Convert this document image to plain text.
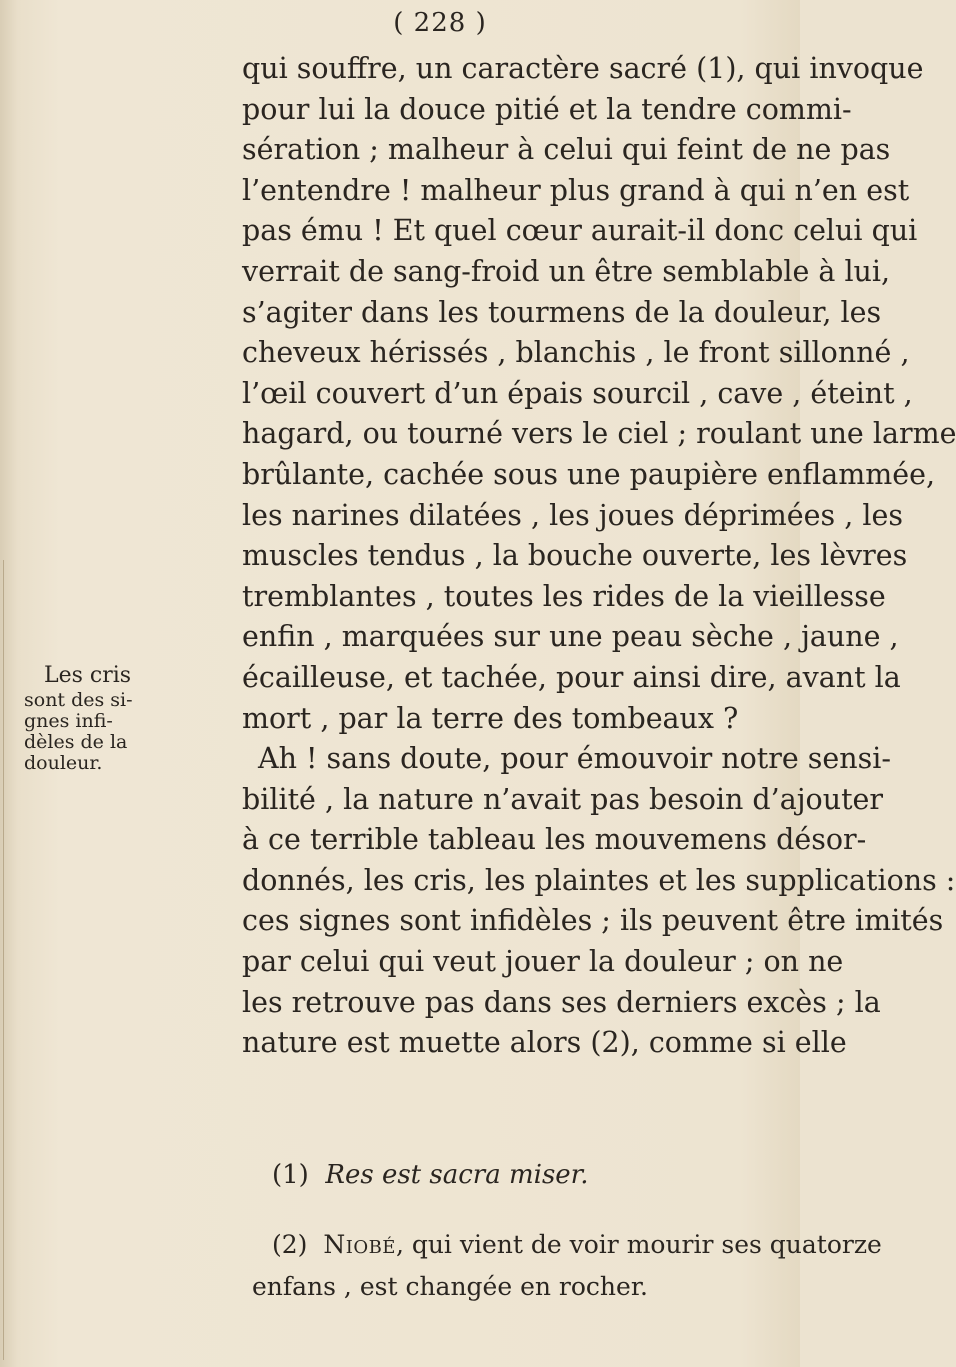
( 228 )
qui souffre, un caractère sacré (1), qui invoque
pour lui la douce pitié et la tendre commi-
sération ; malheur à celui qui feint de ne pas
l’entendre ! malheur plus grand à qui n’en est
pas ému ! Et quel cœur aurait-il donc celui qui
verrait de sang-froid un être semblable à lui,
s’agiter dans les tourmens de la douleur, les
cheveux hérissés , blanchis , le front sillonné ,
l’œil couvert d’un épais sourcil , cave , éteint ,
hagard, ou tourné vers le ciel ; roulant une larme
brûlante, cachée sous une paupière enflammée,
les narines dilatées , les joues déprimées , les
muscles tendus , la bouche ouverte, les lèvres
tremblantes , toutes les rides de la vieillesse
enfin , marquées sur une peau sèche , jaune ,
écailleuse, et tachée, pour ainsi dire, avant la
mort , par la terre des tombeaux ?
Ah ! sans doute, pour émouvoir notre sensi-
bilité , la nature n’avait pas besoin d’ajouter
à ce terrible tableau les mouvemens désor-
donnés, les cris, les plaintes et les supplications :
ces signes sont infidèles ; ils peuvent être imités
par celui qui veut jouer la douleur ; on ne
les retrouve pas dans ses derniers excès ; la
nature est muette alors (2), comme si elle
Les cris
sont des si-
gnes infi-
dèles de la
douleur.
(1) Res est sacra miser.
(2) Niobé, qui vient de voir mourir ses quatorze
enfans , est changée en rocher.
